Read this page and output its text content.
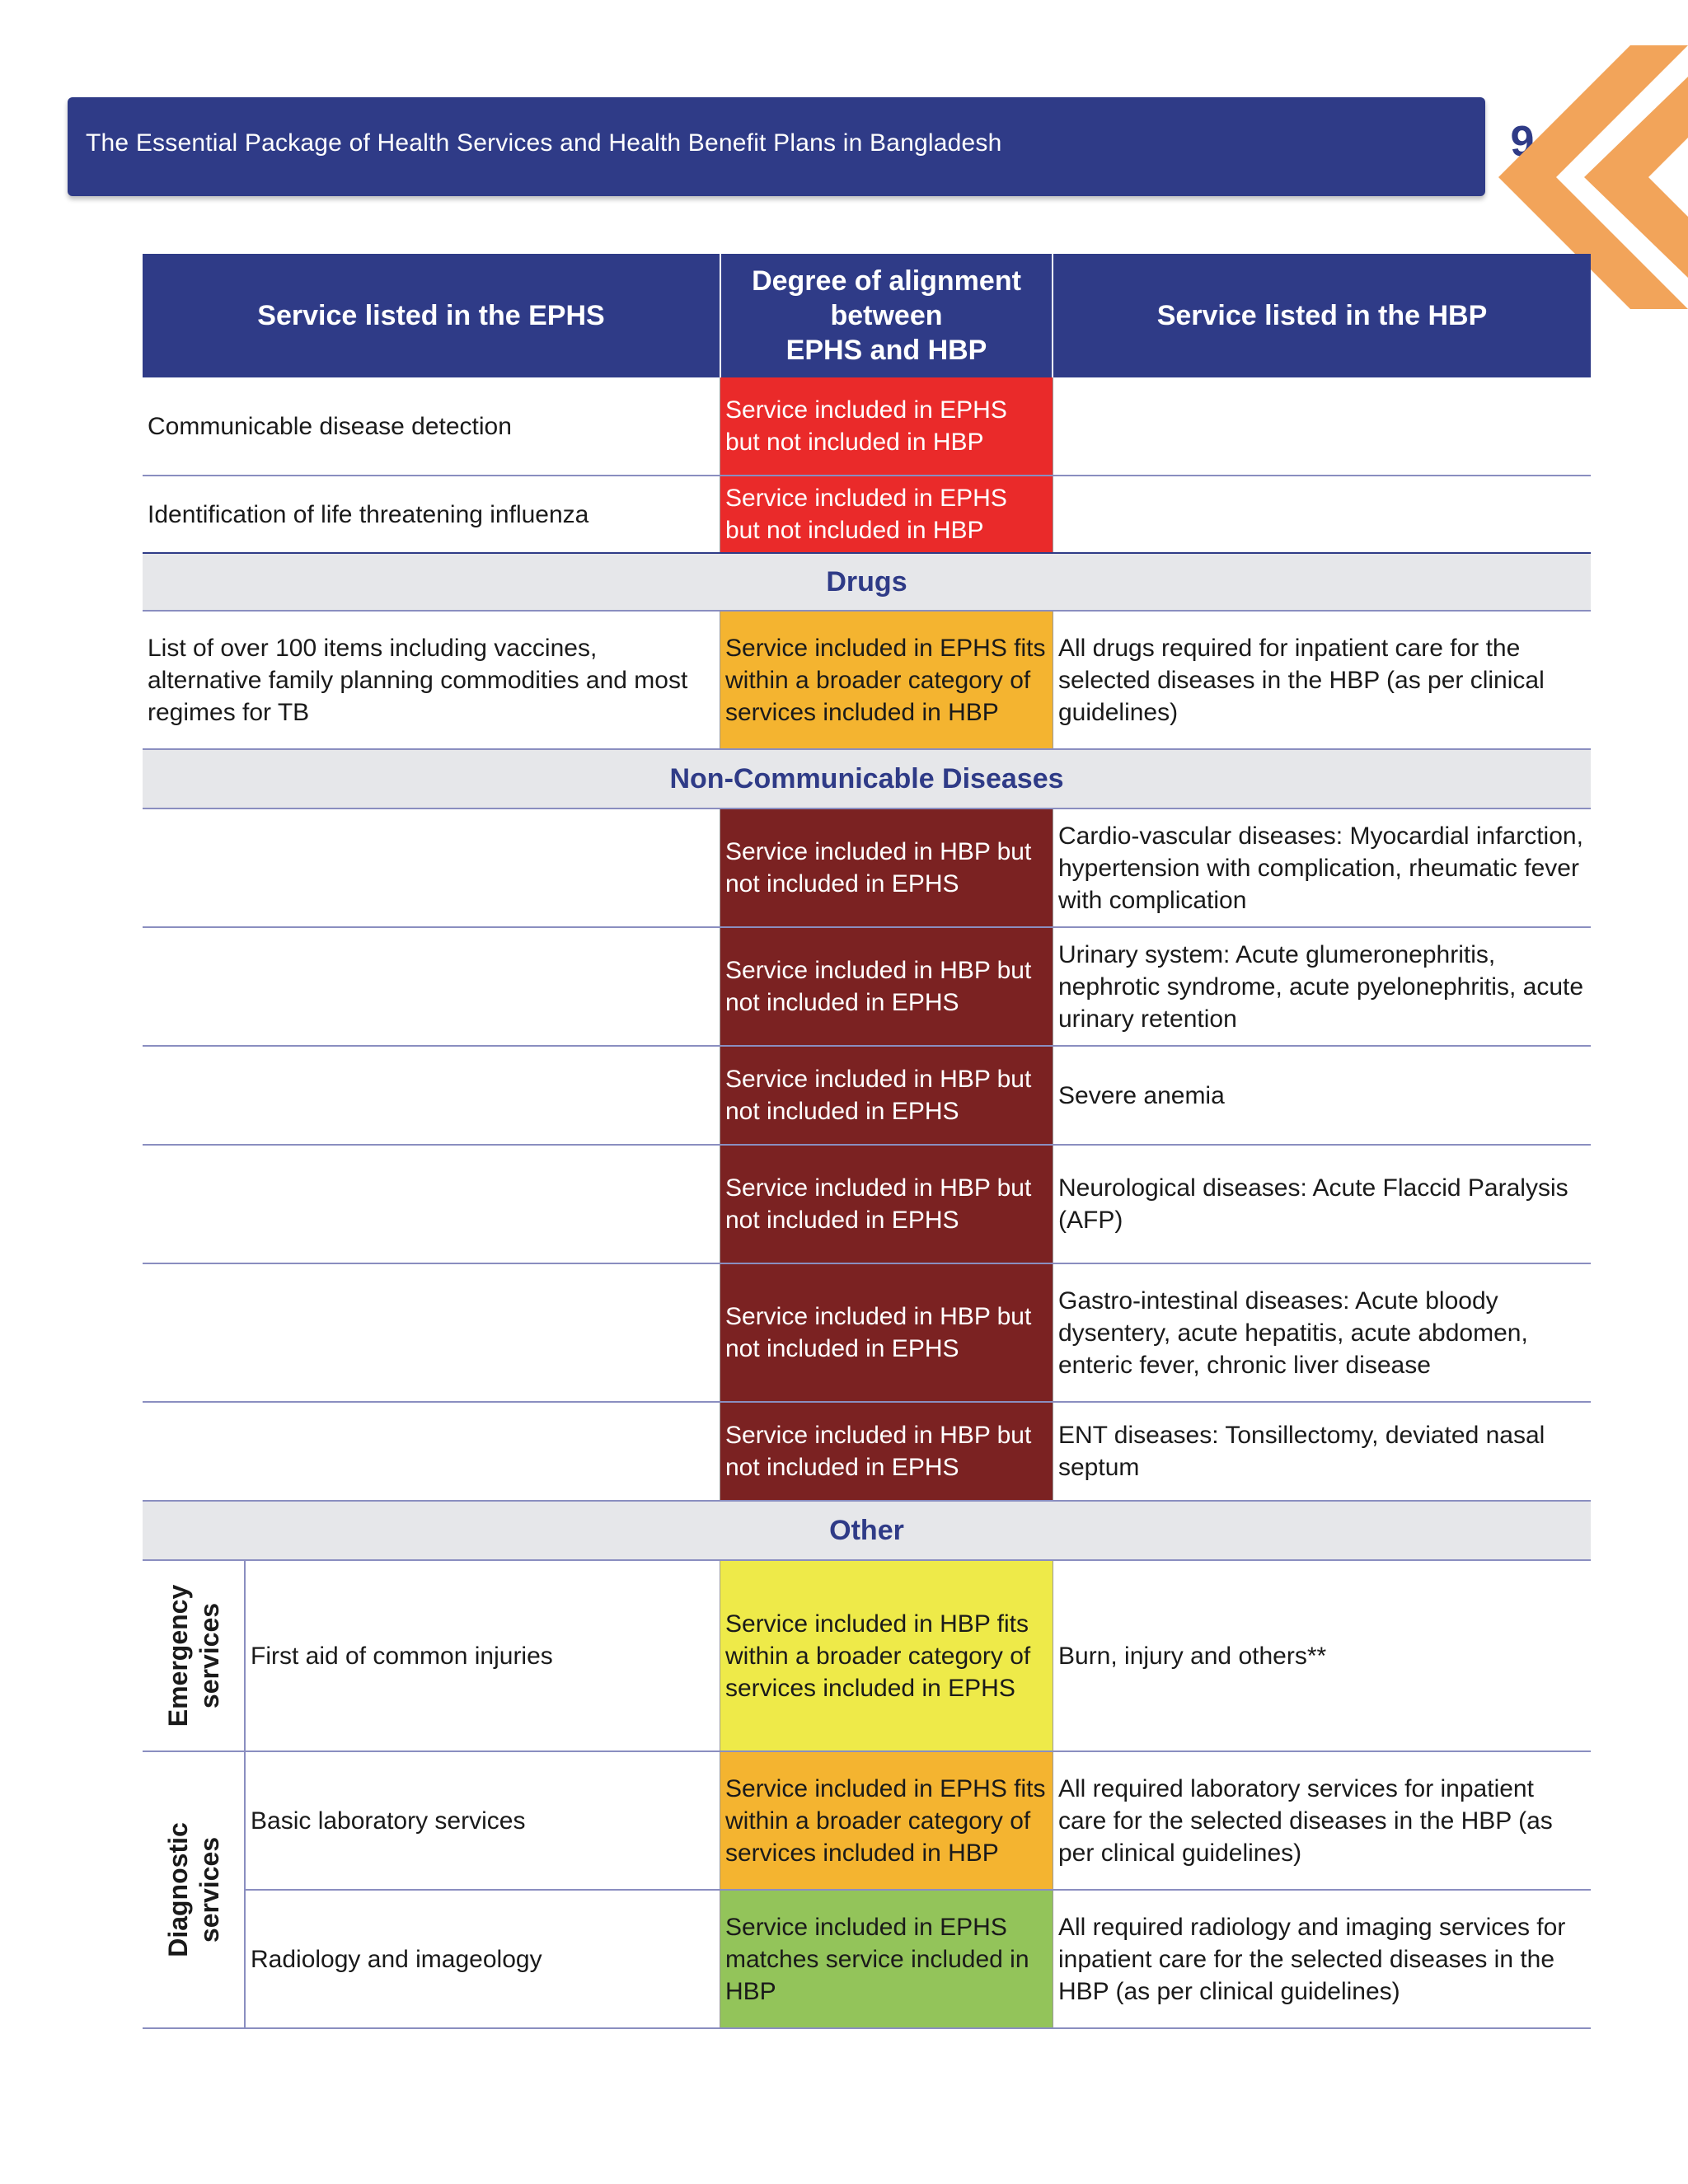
The Essential Package of Health Services and Health Benefit Plans in Bangladesh	9
Service listed in the EPHS
Degree of alignment
between
EPHS and HBP
Service listed in the HBP
Communicable disease detection
Service included in EPHS but not included in HBP
Identification of life threatening influenza
Service included in EPHS but not included in HBP
Drugs
List of over 100 items including vaccines, alternative family planning commodities and most regimes for TB
Service included in EPHS fits within a broader category of services included in HBP
All drugs required for inpatient care for the selected diseases in the HBP (as per clinical guidelines)
Non-Communicable Diseases
Service included in HBP but not included in EPHS
Cardio-vascular diseases: Myocardial infarction, hypertension with complication, rheumatic fever with complication
Service included in HBP but not included in EPHS
Urinary system: Acute glumeronephritis, nephrotic syndrome, acute pyelonephritis, acute urinary retention
Service included in HBP but not included in EPHS
Severe anemia
Service included in HBP but not included in EPHS
Neurological diseases: Acute Flaccid Paralysis (AFP)
Service included in HBP but not included in EPHS
Gastro-intestinal diseases: Acute bloody dysentery, acute hepatitis, acute abdomen, enteric fever, chronic liver disease
Service included in HBP but not included in EPHS
ENT diseases: Tonsillectomy, deviated nasal septum
Other
Emergency
services First aid of common injuries
Service included in HBP fits within a broader category of services included in EPHS
Burn, injury and others**
Diagnostic
services
Basic laboratory services
Service included in EPHS fits within a broader category of services included in HBP
All required laboratory services for inpatient care for the selected diseases in the HBP (as per clinical guidelines)
Radiology and imageology
Service included in EPHS matches service included in HBP
All required radiology and imaging services for inpatient care for the selected diseases in the HBP (as per clinical guidelines)
